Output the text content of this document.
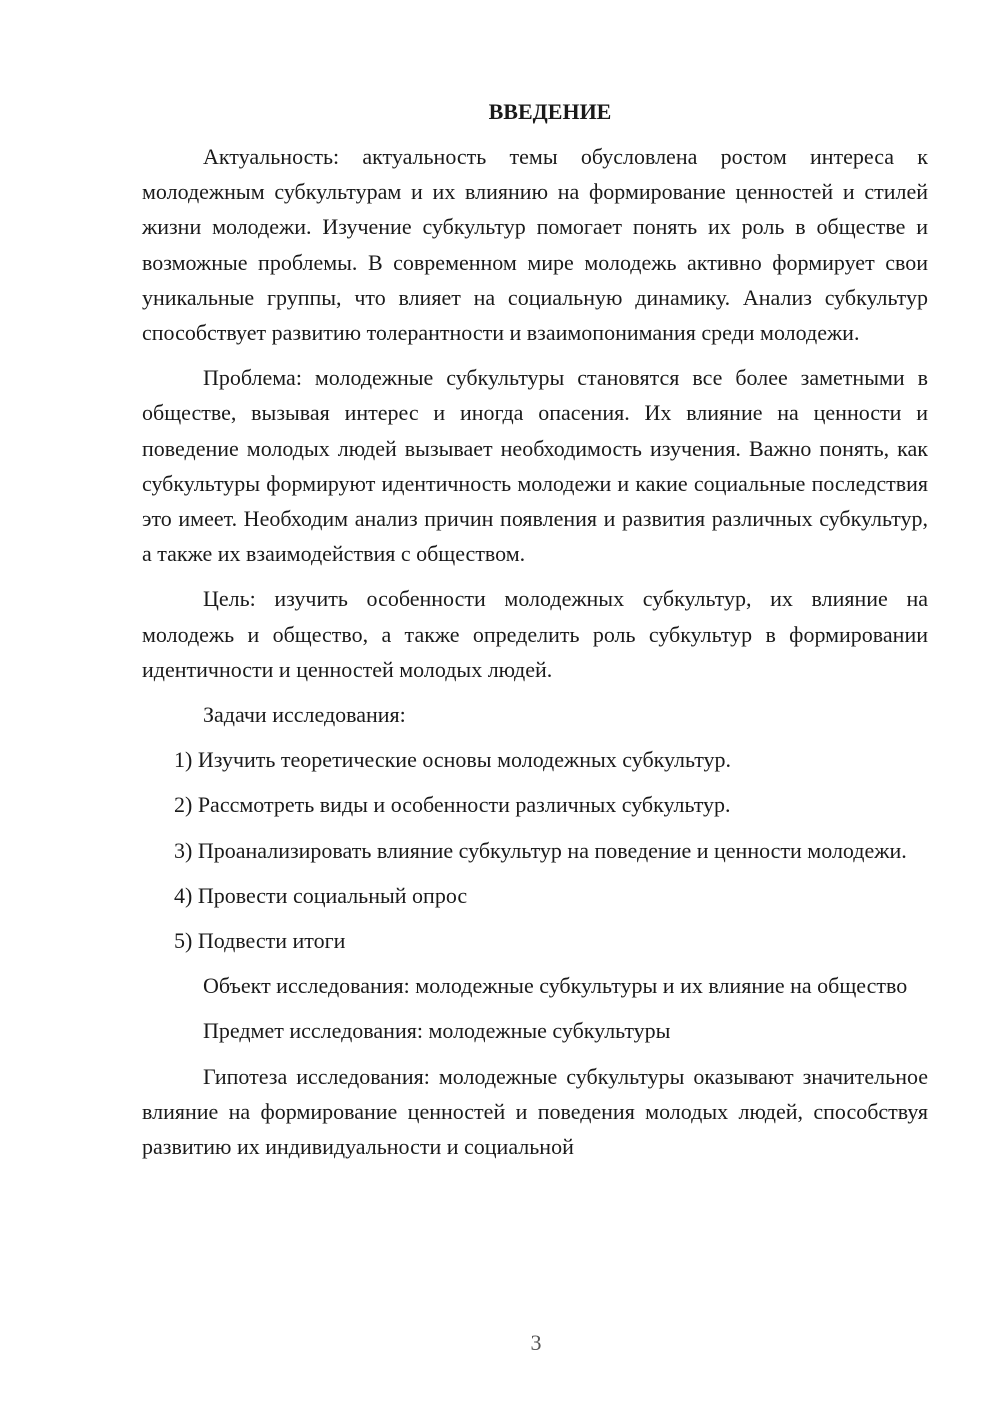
ВВЕДЕНИЕ

Актуальность: актуальность темы обусловлена ростом интереса к молодежным субкультурам и их влиянию на формирование ценностей и стилей жизни молодежи. Изучение субкультур помогает понять их роль в обществе и возможные проблемы. В современном мире молодежь активно формирует свои уникальные группы, что влияет на социальную динамику. Анализ субкультур способствует развитию толерантности и взаимопонимания среди молодежи.

Проблема: молодежные субкультуры становятся все более заметными в обществе, вызывая интерес и иногда опасения. Их влияние на ценности и поведение молодых людей вызывает необходимость изучения. Важно понять, как субкультуры формируют идентичность молодежи и какие социальные последствия это имеет. Необходим анализ причин появления и развития различных субкультур, а также их взаимодействия с обществом.

Цель: изучить особенности молодежных субкультур, их влияние на молодежь и общество, а также определить роль субкультур в формировании идентичности и ценностей молодых людей.

Задачи исследования:

1) Изучить теоретические основы молодежных субкультур.

2) Рассмотреть виды и особенности различных субкультур.

3) Проанализировать влияние субкультур на поведение и ценности молодежи.

4) Провести социальный опрос

5) Подвести итоги

Объект исследования: молодежные субкультуры и их влияние на общество

Предмет исследования: молодежные субкультуры

Гипотеза исследования: молодежные субкультуры оказывают значительное влияние на формирование ценностей и поведения молодых людей, способствуя развитию их индивидуальности и социальной

3
